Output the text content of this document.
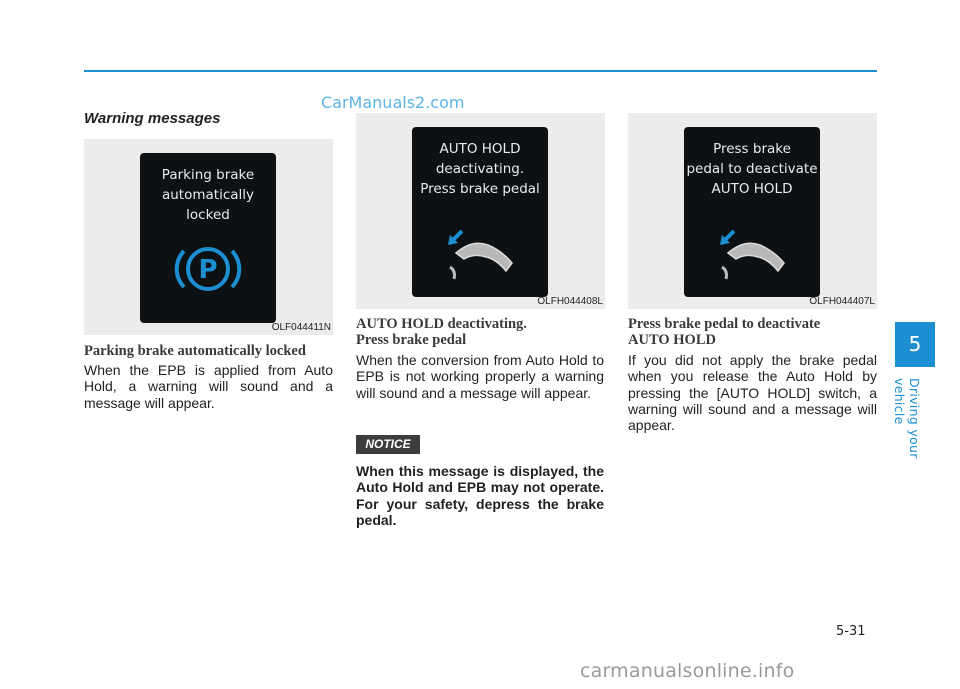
CarManuals2.com
Warning messages
Parking brake
automatically
locked
P
OLF044411N
AUTO HOLD
deactivating.
Press brake pedal
OLFH044408L
Press brake
pedal to deactivate
AUTO HOLD
OLFH044407L
Parking brake automatically locked
When the EPB is applied from Auto Hold, a warning will sound and a message will appear.
AUTO HOLD deactivating.
Press brake pedal
When the conversion from Auto Hold to EPB is not working properly a warning will sound and a message will appear.
NOTICE
When this message is displayed, the Auto Hold and EPB may not operate. For your safety, depress the brake pedal.
Press brake pedal to deactivate
AUTO HOLD
If you did not apply the brake pedal when you release the Auto Hold by pressing the [AUTO HOLD] switch, a warning will sound and a message will appear.
5
Driving your vehicle
5-31
carmanualsonline.info
